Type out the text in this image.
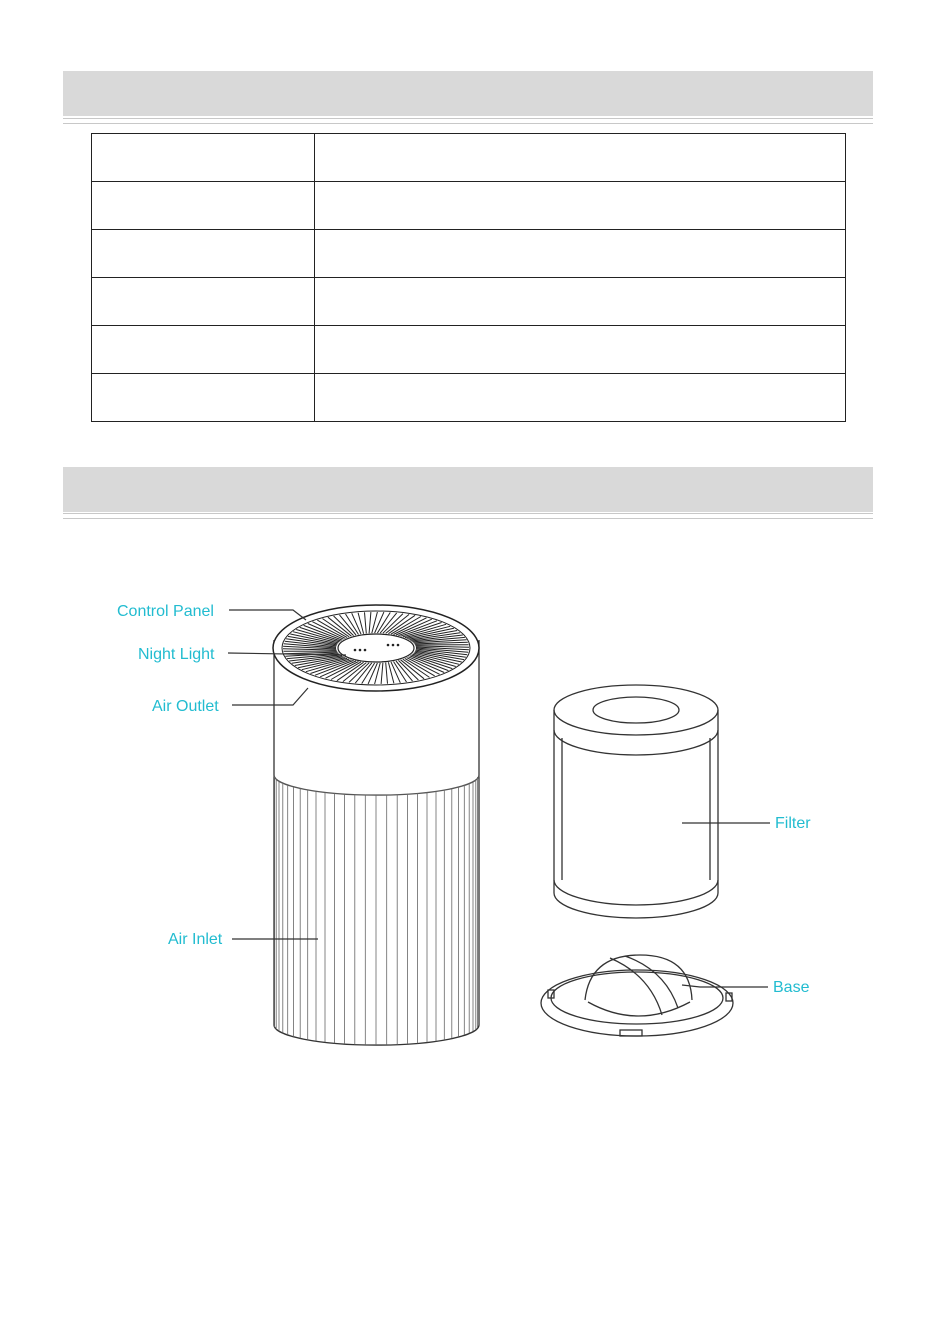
Control Panel
Night Light
Air Outlet
Air Inlet
Filter
Base
